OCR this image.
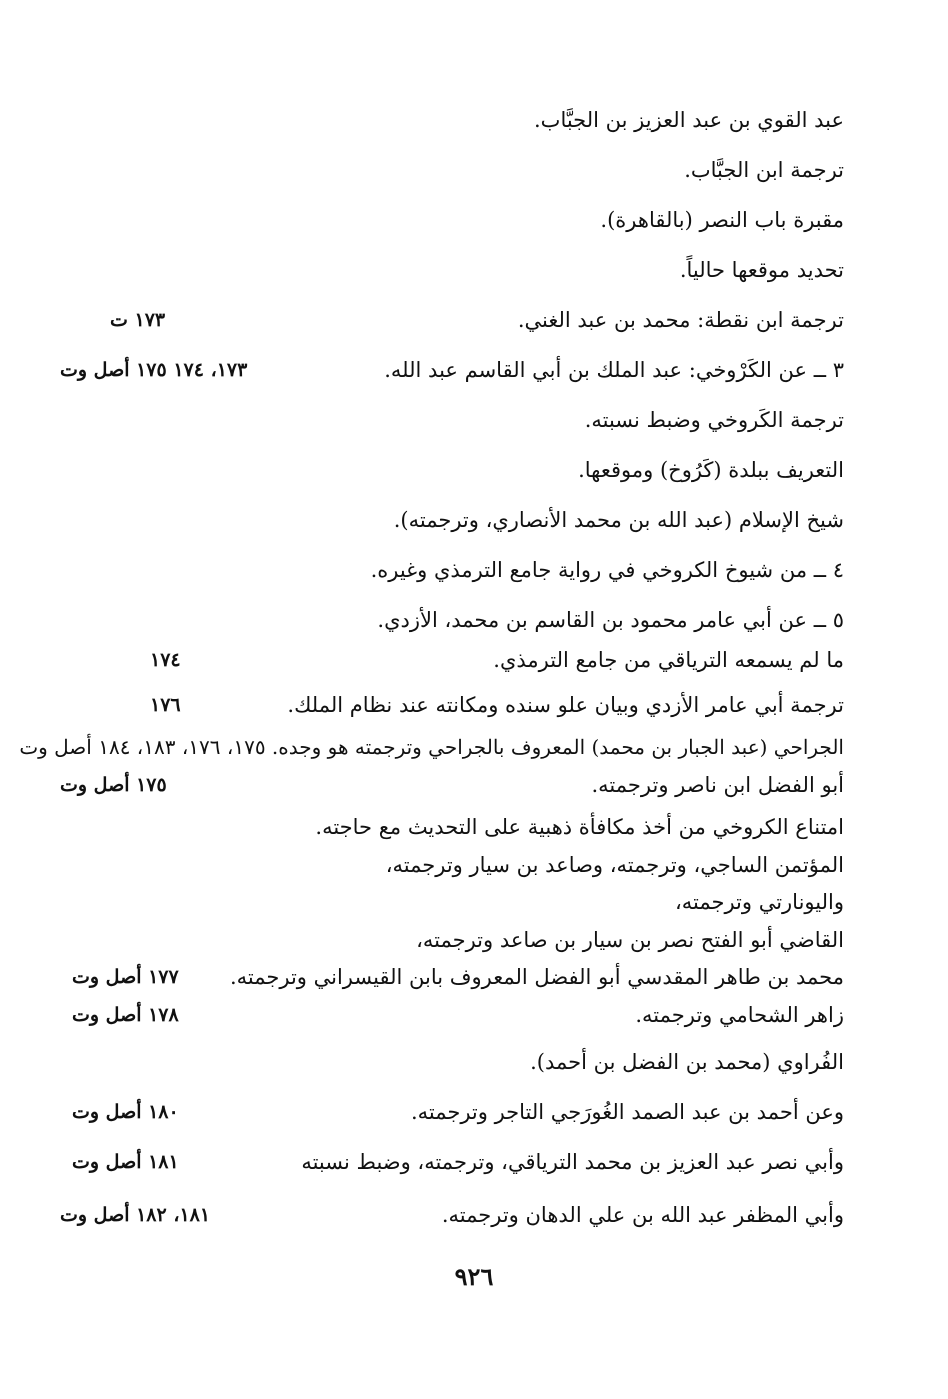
عبد القوي بن عبد العزيز بن الجبَّاب.
ترجمة ابن الجبَّاب.
مقبرة باب النصر (بالقاهرة).
تحديد موقعها حالياً.
ترجمة ابن نقطة: محمد بن عبد الغني.
١٧٣ ت
٣ ــ عن الكَرْوخي: عبد الملك بن أبي القاسم عبد الله.
١٧٣، ١٧٤ ١٧٥ أصل وت
ترجمة الكَروخي وضبط نسبته.
التعريف ببلدة (كَرُوخ) وموقعها.
شيخ الإسلام (عبد الله بن محمد الأنصاري، وترجمته).
٤ ــ من شيوخ الكروخي في رواية جامع الترمذي وغيره.
٥ ــ عن أبي عامر محمود بن القاسم بن محمد، الأزدي.
ما لم يسمعه الترياقي من جامع الترمذي.
١٧٤
ترجمة أبي عامر الأزدي وبيان علو سنده ومكانته عند نظام الملك.
١٧٦
الجراحي (عبد الجبار بن محمد) المعروف بالجراحي وترجمته هو وجده. ١٧٥، ١٧٦، ١٨٣، ١٨٤ أصل وت
أبو الفضل ابن ناصر وترجمته.
١٧٥ أصل وت
امتناع الكروخي من أخذ مكافأة ذهبية على التحديث مع حاجته.
المؤتمن الساجي، وترجمته، وصاعد بن سيار وترجمته،
واليونارتي وترجمته،
القاضي أبو الفتح نصر بن سيار بن صاعد وترجمته،
محمد بن طاهر المقدسي أبو الفضل المعروف بابن القيسراني وترجمته.
١٧٧ أصل وت
زاهر الشحامي وترجمته.
١٧٨ أصل وت
الفُراوي (محمد بن الفضل بن أحمد).
وعن أحمد بن عبد الصمد الغُورَجي التاجر وترجمته.
١٨٠ أصل وت
وأبي نصر عبد العزيز بن محمد الترياقي، وترجمته، وضبط نسبته
١٨١ أصل وت
وأبي المظفر عبد الله بن علي الدهان وترجمته.
١٨١، ١٨٢ أصل وت
٩٢٦
